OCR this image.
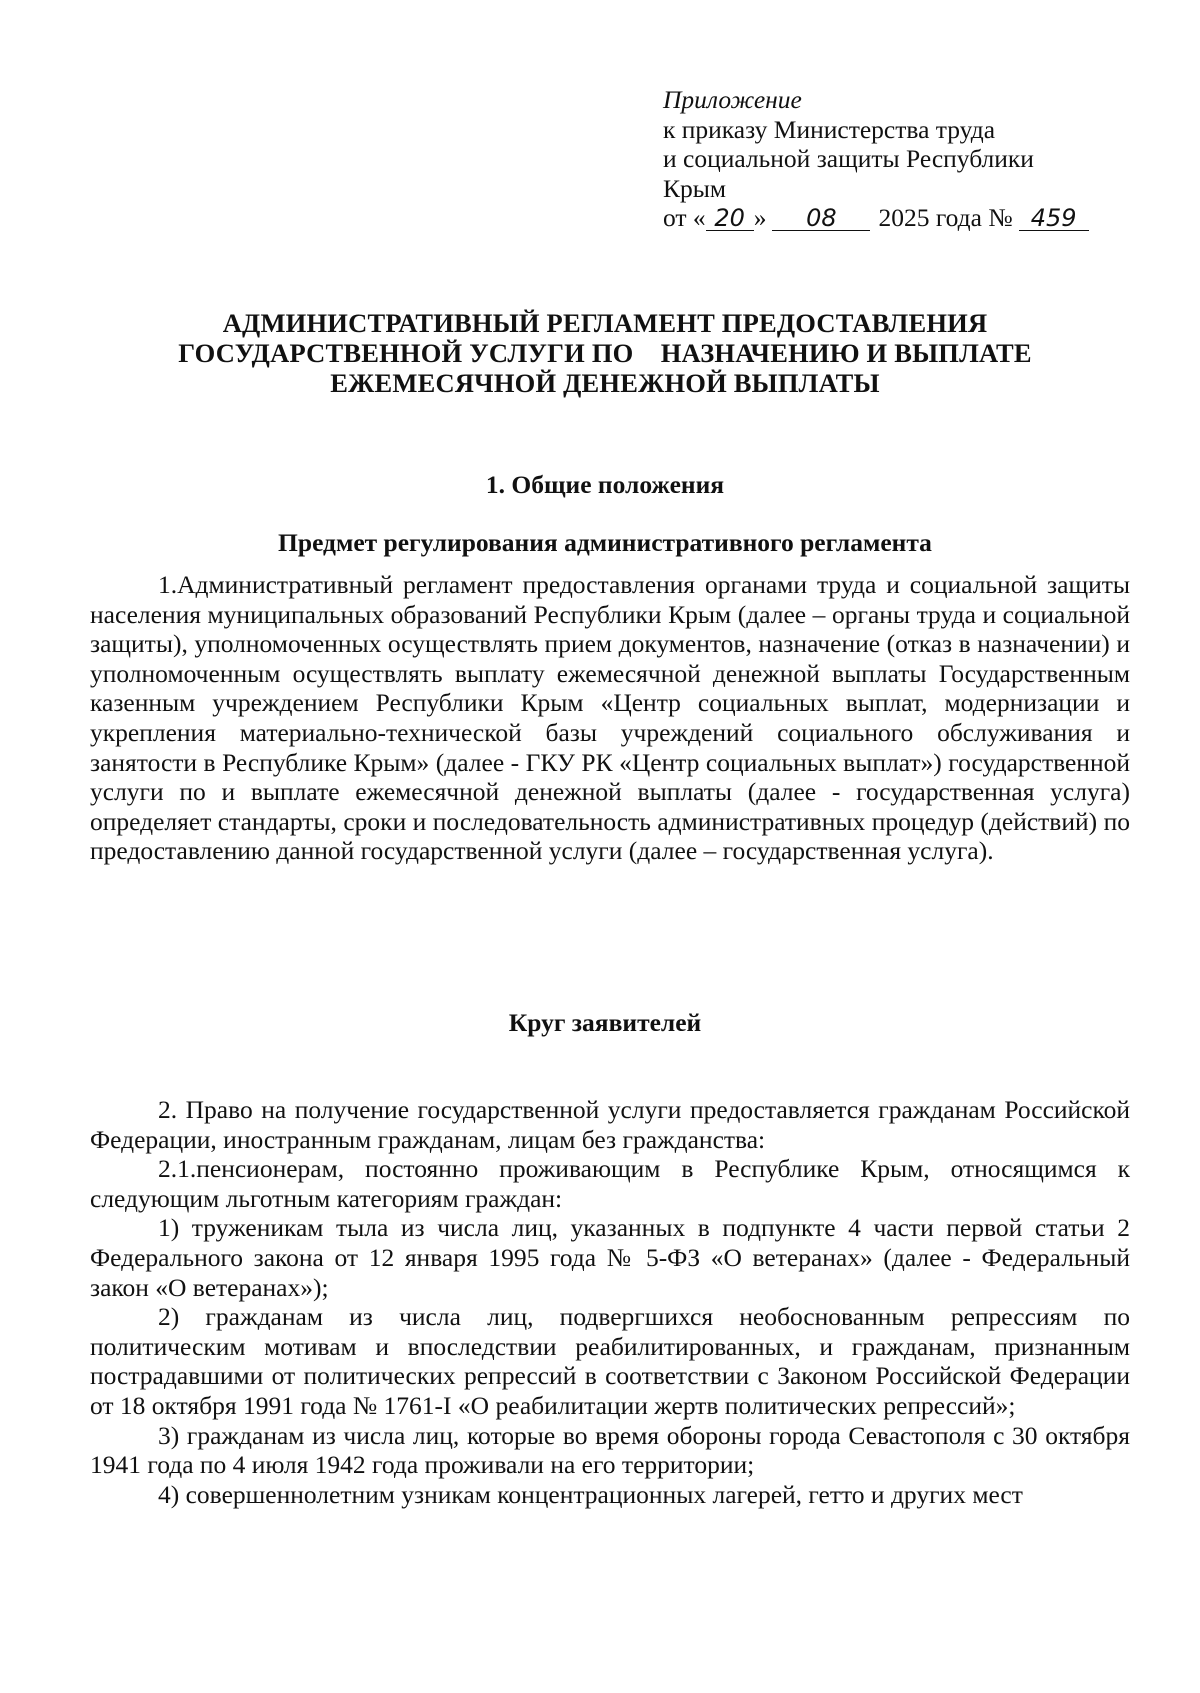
Приложение
к приказу Министерства труда
и социальной защиты Республики
Крым
от « 20 » 08 2025 года № 459
АДМИНИСТРАТИВНЫЙ РЕГЛАМЕНТ ПРЕДОСТАВЛЕНИЯ
ГОСУДАРСТВЕННОЙ УСЛУГИ ПО    НАЗНАЧЕНИЮ И ВЫПЛАТЕ
ЕЖЕМЕСЯЧНОЙ ДЕНЕЖНОЙ ВЫПЛАТЫ
1. Общие положения
Предмет регулирования административного регламента

1.Административный регламент предоставления органами труда и социальной защиты населения муниципальных образований Республики Крым (далее – органы труда и социальной защиты), уполномоченных осуществлять прием документов, назначение (отказ в назначении) и уполномоченным осуществлять выплату ежемесячной денежной выплаты Государственным казенным учреждением Республики Крым «Центр социальных выплат, модернизации и укрепления материально-технической базы учреждений социального обслуживания и занятости в Республике Крым» (далее - ГКУ РК «Центр социальных выплат») государственной услуги по и выплате ежемесячной денежной выплаты (далее - государственная услуга) определяет стандарты, сроки и последовательность административных процедур (действий) по предоставлению данной государственной услуги (далее – государственная услуга).

Круг заявителей

2. Право на получение государственной услуги предоставляется гражданам Российской Федерации, иностранным гражданам, лицам без гражданства:

2.1.пенсионерам, постоянно проживающим в Республике Крым, относящимся к следующим льготным категориям граждан:

1) труженикам тыла из числа лиц, указанных в подпункте 4 части первой статьи 2 Федерального закона от 12 января 1995 года № 5-ФЗ «О ветеранах» (далее - Федеральный закон «О ветеранах»);

2) гражданам из числа лиц, подвергшихся необоснованным репрессиям по политическим мотивам и впоследствии реабилитированных, и гражданам, признанным пострадавшими от политических репрессий в соответствии с Законом Российской Федерации от 18 октября 1991 года № 1761-I «О реабилитации жертв политических репрессий»;

3) гражданам из числа лиц, которые во время обороны города Севастополя с 30 октября 1941 года по 4 июля 1942 года проживали на его территории;

4) совершеннолетним узникам концентрационных лагерей, гетто и других мест
